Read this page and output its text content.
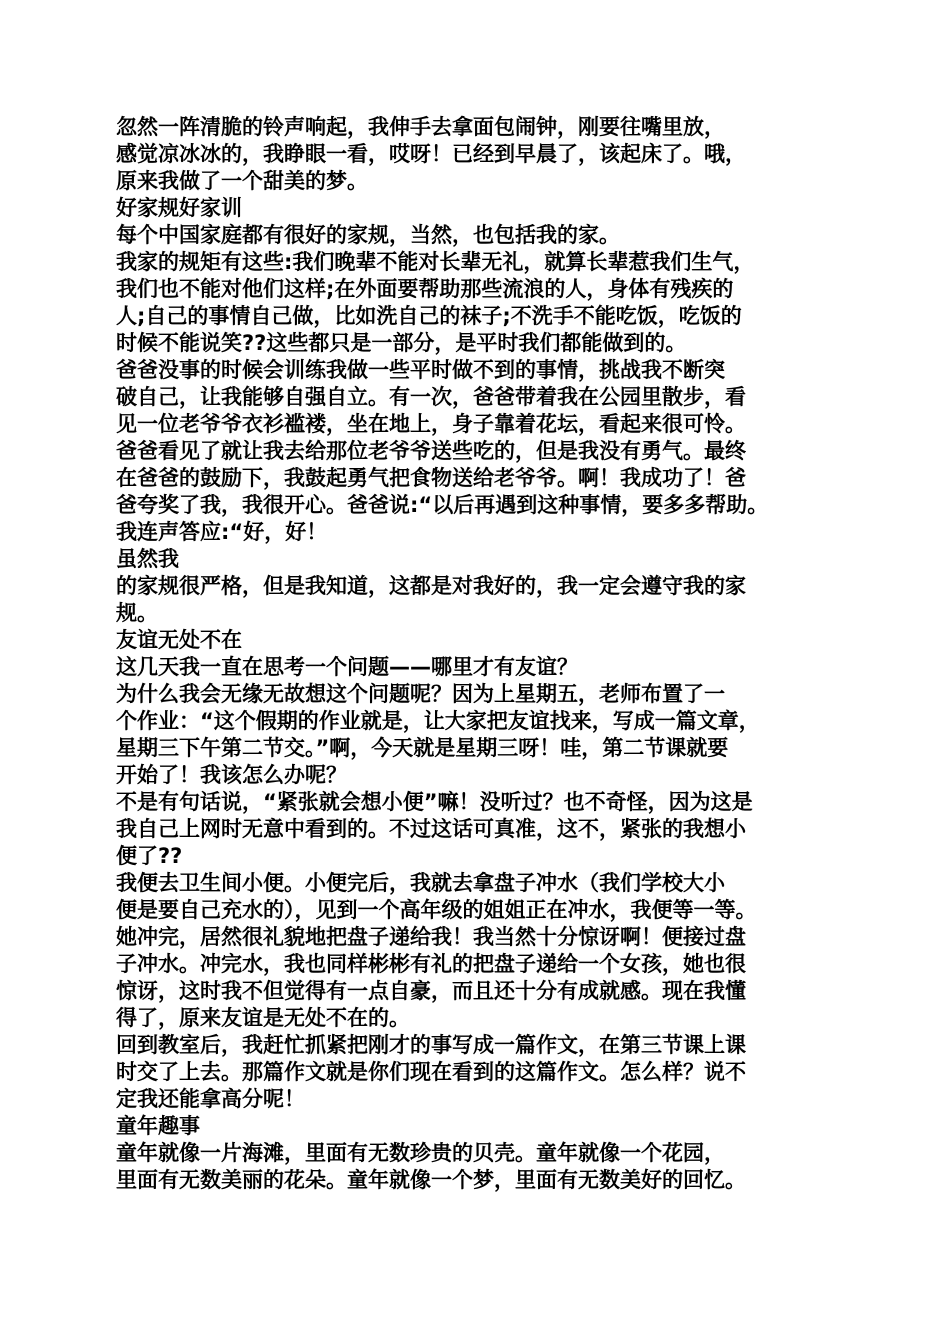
忽然一阵清脆的铃声响起，我伸手去拿面包闹钟，刚要往嘴里放，
感觉凉冰冰的，我睁眼一看，哎呀！已经到早晨了，该起床了。哦，
原来我做了一个甜美的梦。
好家规好家训
每个中国家庭都有很好的家规，当然，也包括我的家。
我家的规矩有这些:我们晚辈不能对长辈无礼，就算长辈惹我们生气，
我们也不能对他们这样;在外面要帮助那些流浪的人，身体有残疾的
人;自己的事情自己做，比如洗自己的袜子;不洗手不能吃饭，吃饭的
时候不能说笑??这些都只是一部分，是平时我们都能做到的。
爸爸没事的时候会训练我做一些平时做不到的事情，挑战我不断突
破自己，让我能够自强自立。有一次，爸爸带着我在公园里散步，看
见一位老爷爷衣衫褴褛，坐在地上，身子靠着花坛，看起来很可怜。
爸爸看见了就让我去给那位老爷爷送些吃的，但是我没有勇气。最终
在爸爸的鼓励下，我鼓起勇气把食物送给老爷爷。啊！我成功了！爸
爸夸奖了我，我很开心。爸爸说:“以后再遇到这种事情，要多多帮助。
我连声答应:“好，好！
虽然我
的家规很严格，但是我知道，这都是对我好的，我一定会遵守我的家
规。
友谊无处不在
这几天我一直在思考一个问题——哪里才有友谊？
为什么我会无缘无故想这个问题呢？因为上星期五，老师布置了一
个作业：“这个假期的作业就是，让大家把友谊找来，写成一篇文章，
星期三下午第二节交。”啊，今天就是星期三呀！哇，第二节课就要
开始了！我该怎么办呢？
不是有句话说，“紧张就会想小便”嘛！没听过？也不奇怪，因为这是
我自己上网时无意中看到的。不过这话可真准，这不，紧张的我想小
便了??
我便去卫生间小便。小便完后，我就去拿盘子冲水（我们学校大小
便是要自己充水的），见到一个高年级的姐姐正在冲水，我便等一等。
她冲完，居然很礼貌地把盘子递给我！我当然十分惊讶啊！便接过盘
子冲水。冲完水，我也同样彬彬有礼的把盘子递给一个女孩，她也很
惊讶，这时我不但觉得有一点自豪，而且还十分有成就感。现在我懂
得了，原来友谊是无处不在的。
回到教室后，我赶忙抓紧把刚才的事写成一篇作文，在第三节课上课
时交了上去。那篇作文就是你们现在看到的这篇作文。怎么样？说不
定我还能拿高分呢！
童年趣事
童年就像一片海滩，里面有无数珍贵的贝壳。童年就像一个花园，
里面有无数美丽的花朵。童年就像一个梦，里面有无数美好的回忆。
